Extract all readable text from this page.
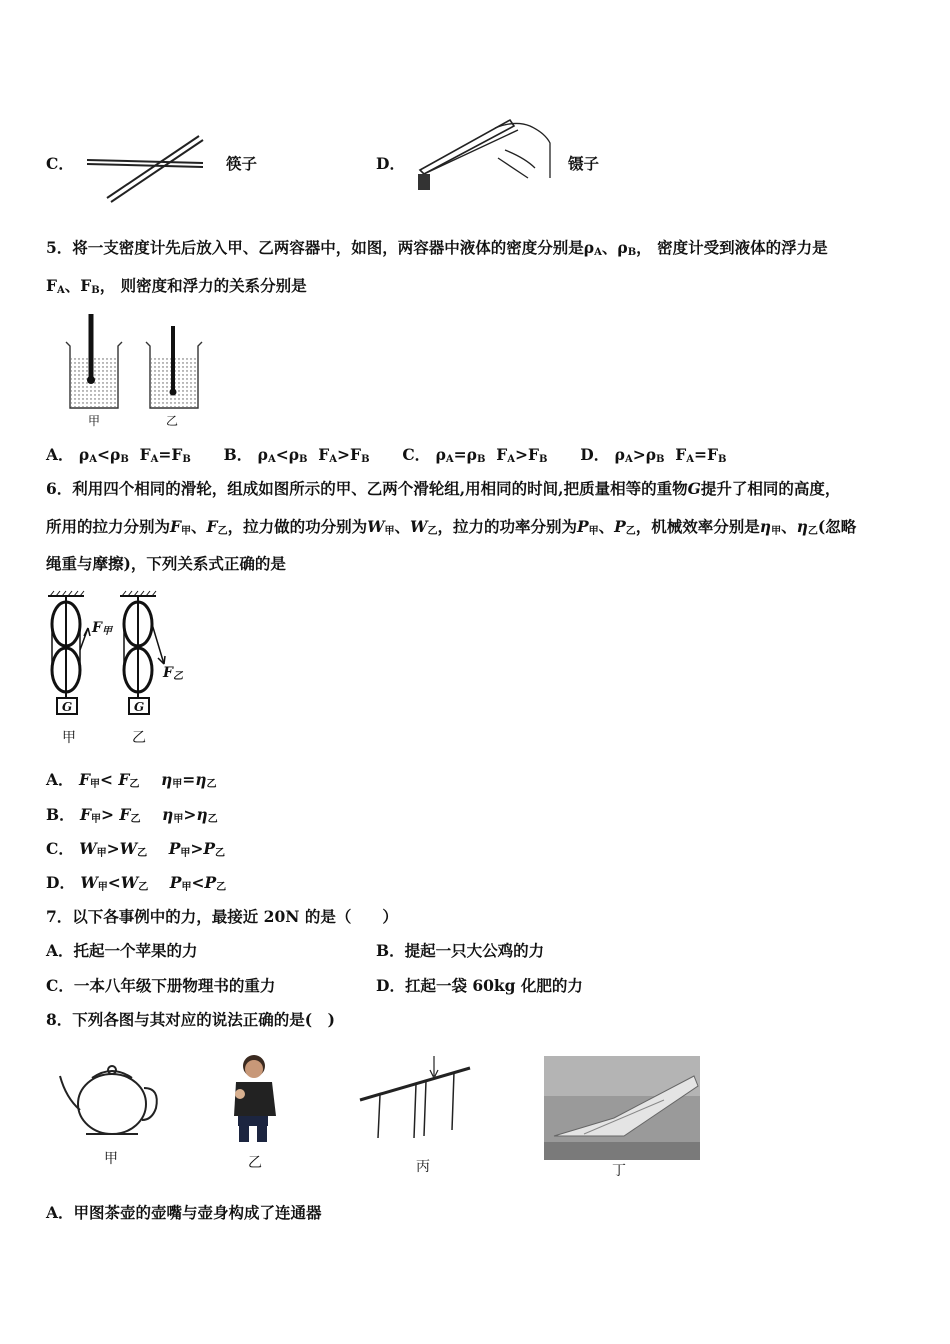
C．	筷子	D．	镊子
5．将一支密度计先后放入甲、乙两容器中，如图，两容器中液体的密度分别是$\rho_A$、$\rho_B$， 密度计受到液体的浮力是
$F_A$、$F_B$， 则密度和浮力的关系分别是
甲	乙
A． $\rho_A<\rho_B$  $F_A=F_B$ B． $\rho_A<\rho_B$  $F_A>F_B$ C． $\rho_A=\rho_B$  $F_A>F_B$ D． $\rho_A>\rho_B$  $F_A=F_B$
6．利用四个相同的滑轮，组成如图所示的甲、乙两个滑轮组,用相同的时间,把质量相等的重物G提升了相同的高度，
所用的拉力分别为$F_甲$、$F_乙$，拉力做的功分别为$W_甲$、$W_乙$，拉力的功率分别为$P_甲$、$P_乙$，机械效率分别是$\eta_甲$、$\eta_乙$(忽略
绳重与摩擦)，下列关系式正确的是
$F_甲$
$F_乙$
G	G
甲	乙
A． $F_甲< F_乙$ $\eta_甲=\eta_乙$
B． $F_甲> F_乙$ $\eta_甲>\eta_乙$
C． $W_甲>W_乙$ $P_甲>P_乙$
D． $W_甲<W_乙$ $P_甲<P_乙$
7．以下各事例中的力，最接近 20N 的是（　　）
A．托起一个苹果的力	B．提起一只大公鸡的力
C．一本八年级下册物理书的重力	D．扛起一袋 60kg 化肥的力
8．下列各图与其对应的说法正确的是(　)
甲	乙	丙	丁
A．甲图茶壶的壶嘴与壶身构成了连通器
